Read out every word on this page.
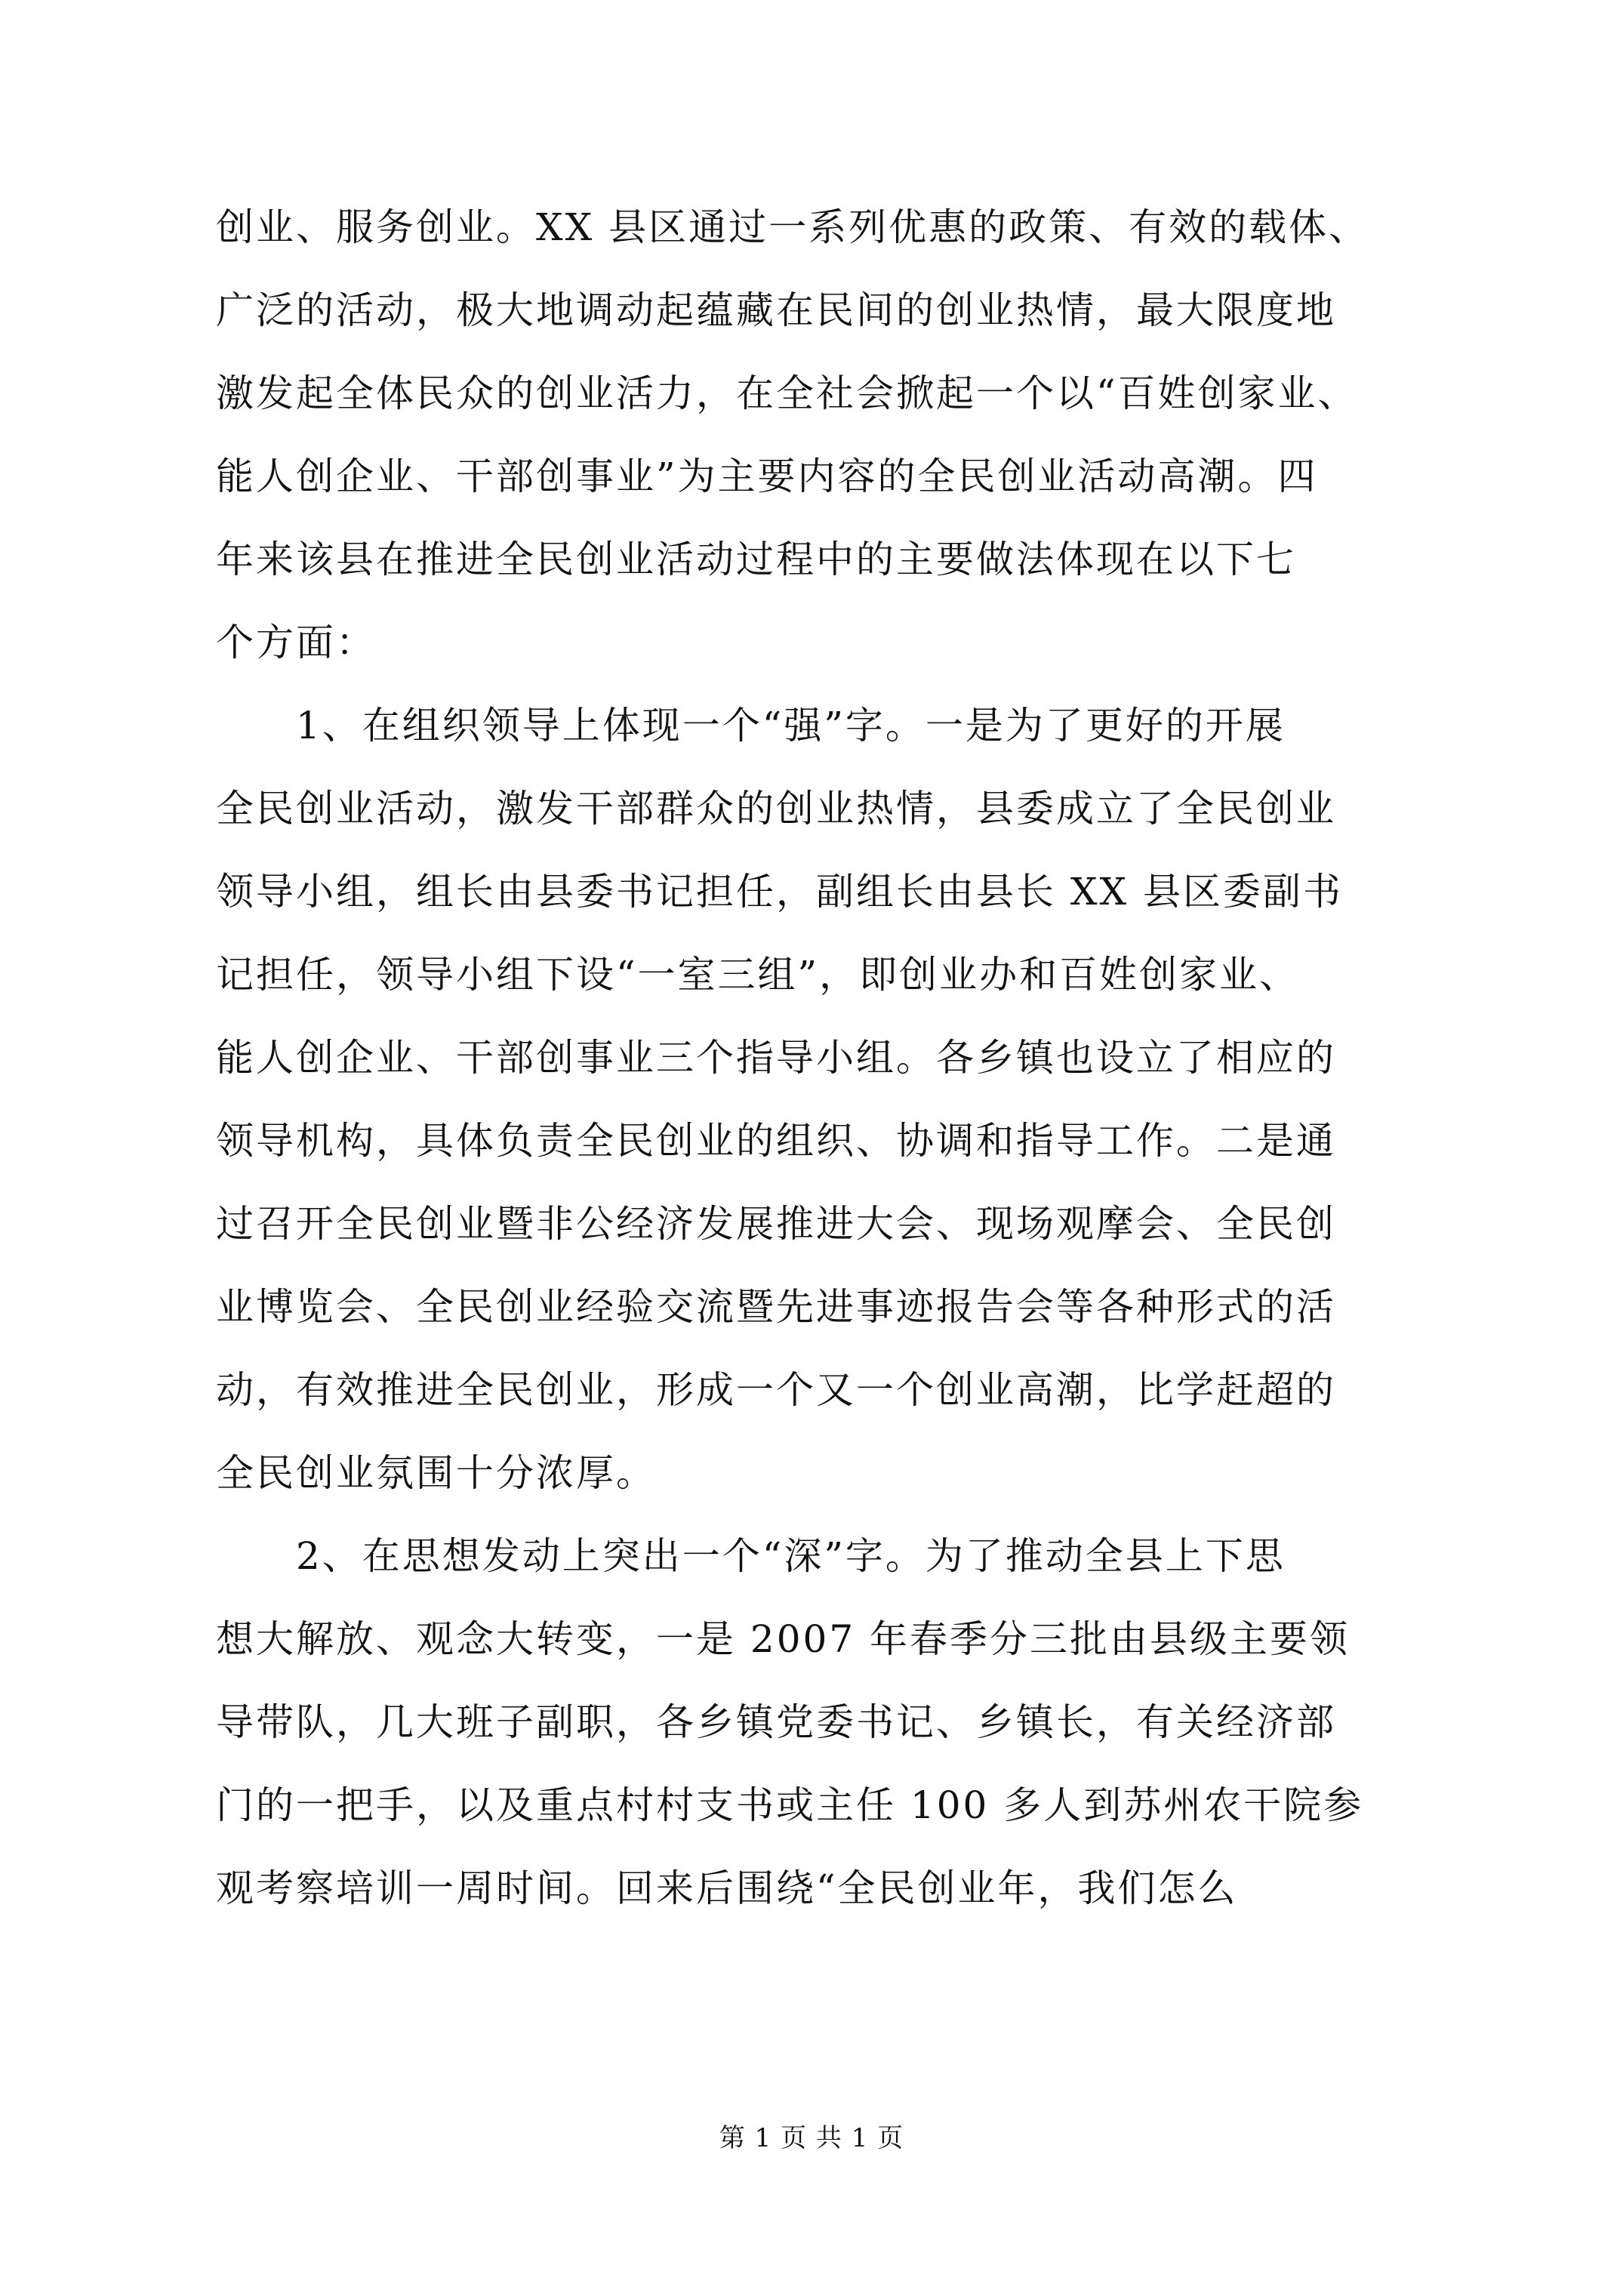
创业、服务创业。XX 县区通过一系列优惠的政策、有效的载体、
广泛的活动，极大地调动起蕴藏在民间的创业热情，最大限度地
激发起全体民众的创业活力，在全社会掀起一个以“百姓创家业、
能人创企业、干部创事业”为主要内容的全民创业活动高潮。四
年来该县在推进全民创业活动过程中的主要做法体现在以下七
个方面：
　　1、在组织领导上体现一个“强”字。一是为了更好的开展
全民创业活动，激发干部群众的创业热情，县委成立了全民创业
领导小组，组长由县委书记担任，副组长由县长 XX 县区委副书
记担任，领导小组下设“一室三组”，即创业办和百姓创家业、
能人创企业、干部创事业三个指导小组。各乡镇也设立了相应的
领导机构，具体负责全民创业的组织、协调和指导工作。二是通
过召开全民创业暨非公经济发展推进大会、现场观摩会、全民创
业博览会、全民创业经验交流暨先进事迹报告会等各种形式的活
动，有效推进全民创业，形成一个又一个创业高潮，比学赶超的
全民创业氛围十分浓厚。
　　2、在思想发动上突出一个“深”字。为了推动全县上下思
想大解放、观念大转变，一是 2007 年春季分三批由县级主要领
导带队，几大班子副职，各乡镇党委书记、乡镇长，有关经济部
门的一把手，以及重点村村支书或主任 100 多人到苏州农干院参
观考察培训一周时间。回来后围绕“全民创业年，我们怎么
第 1 页 共 1 页
